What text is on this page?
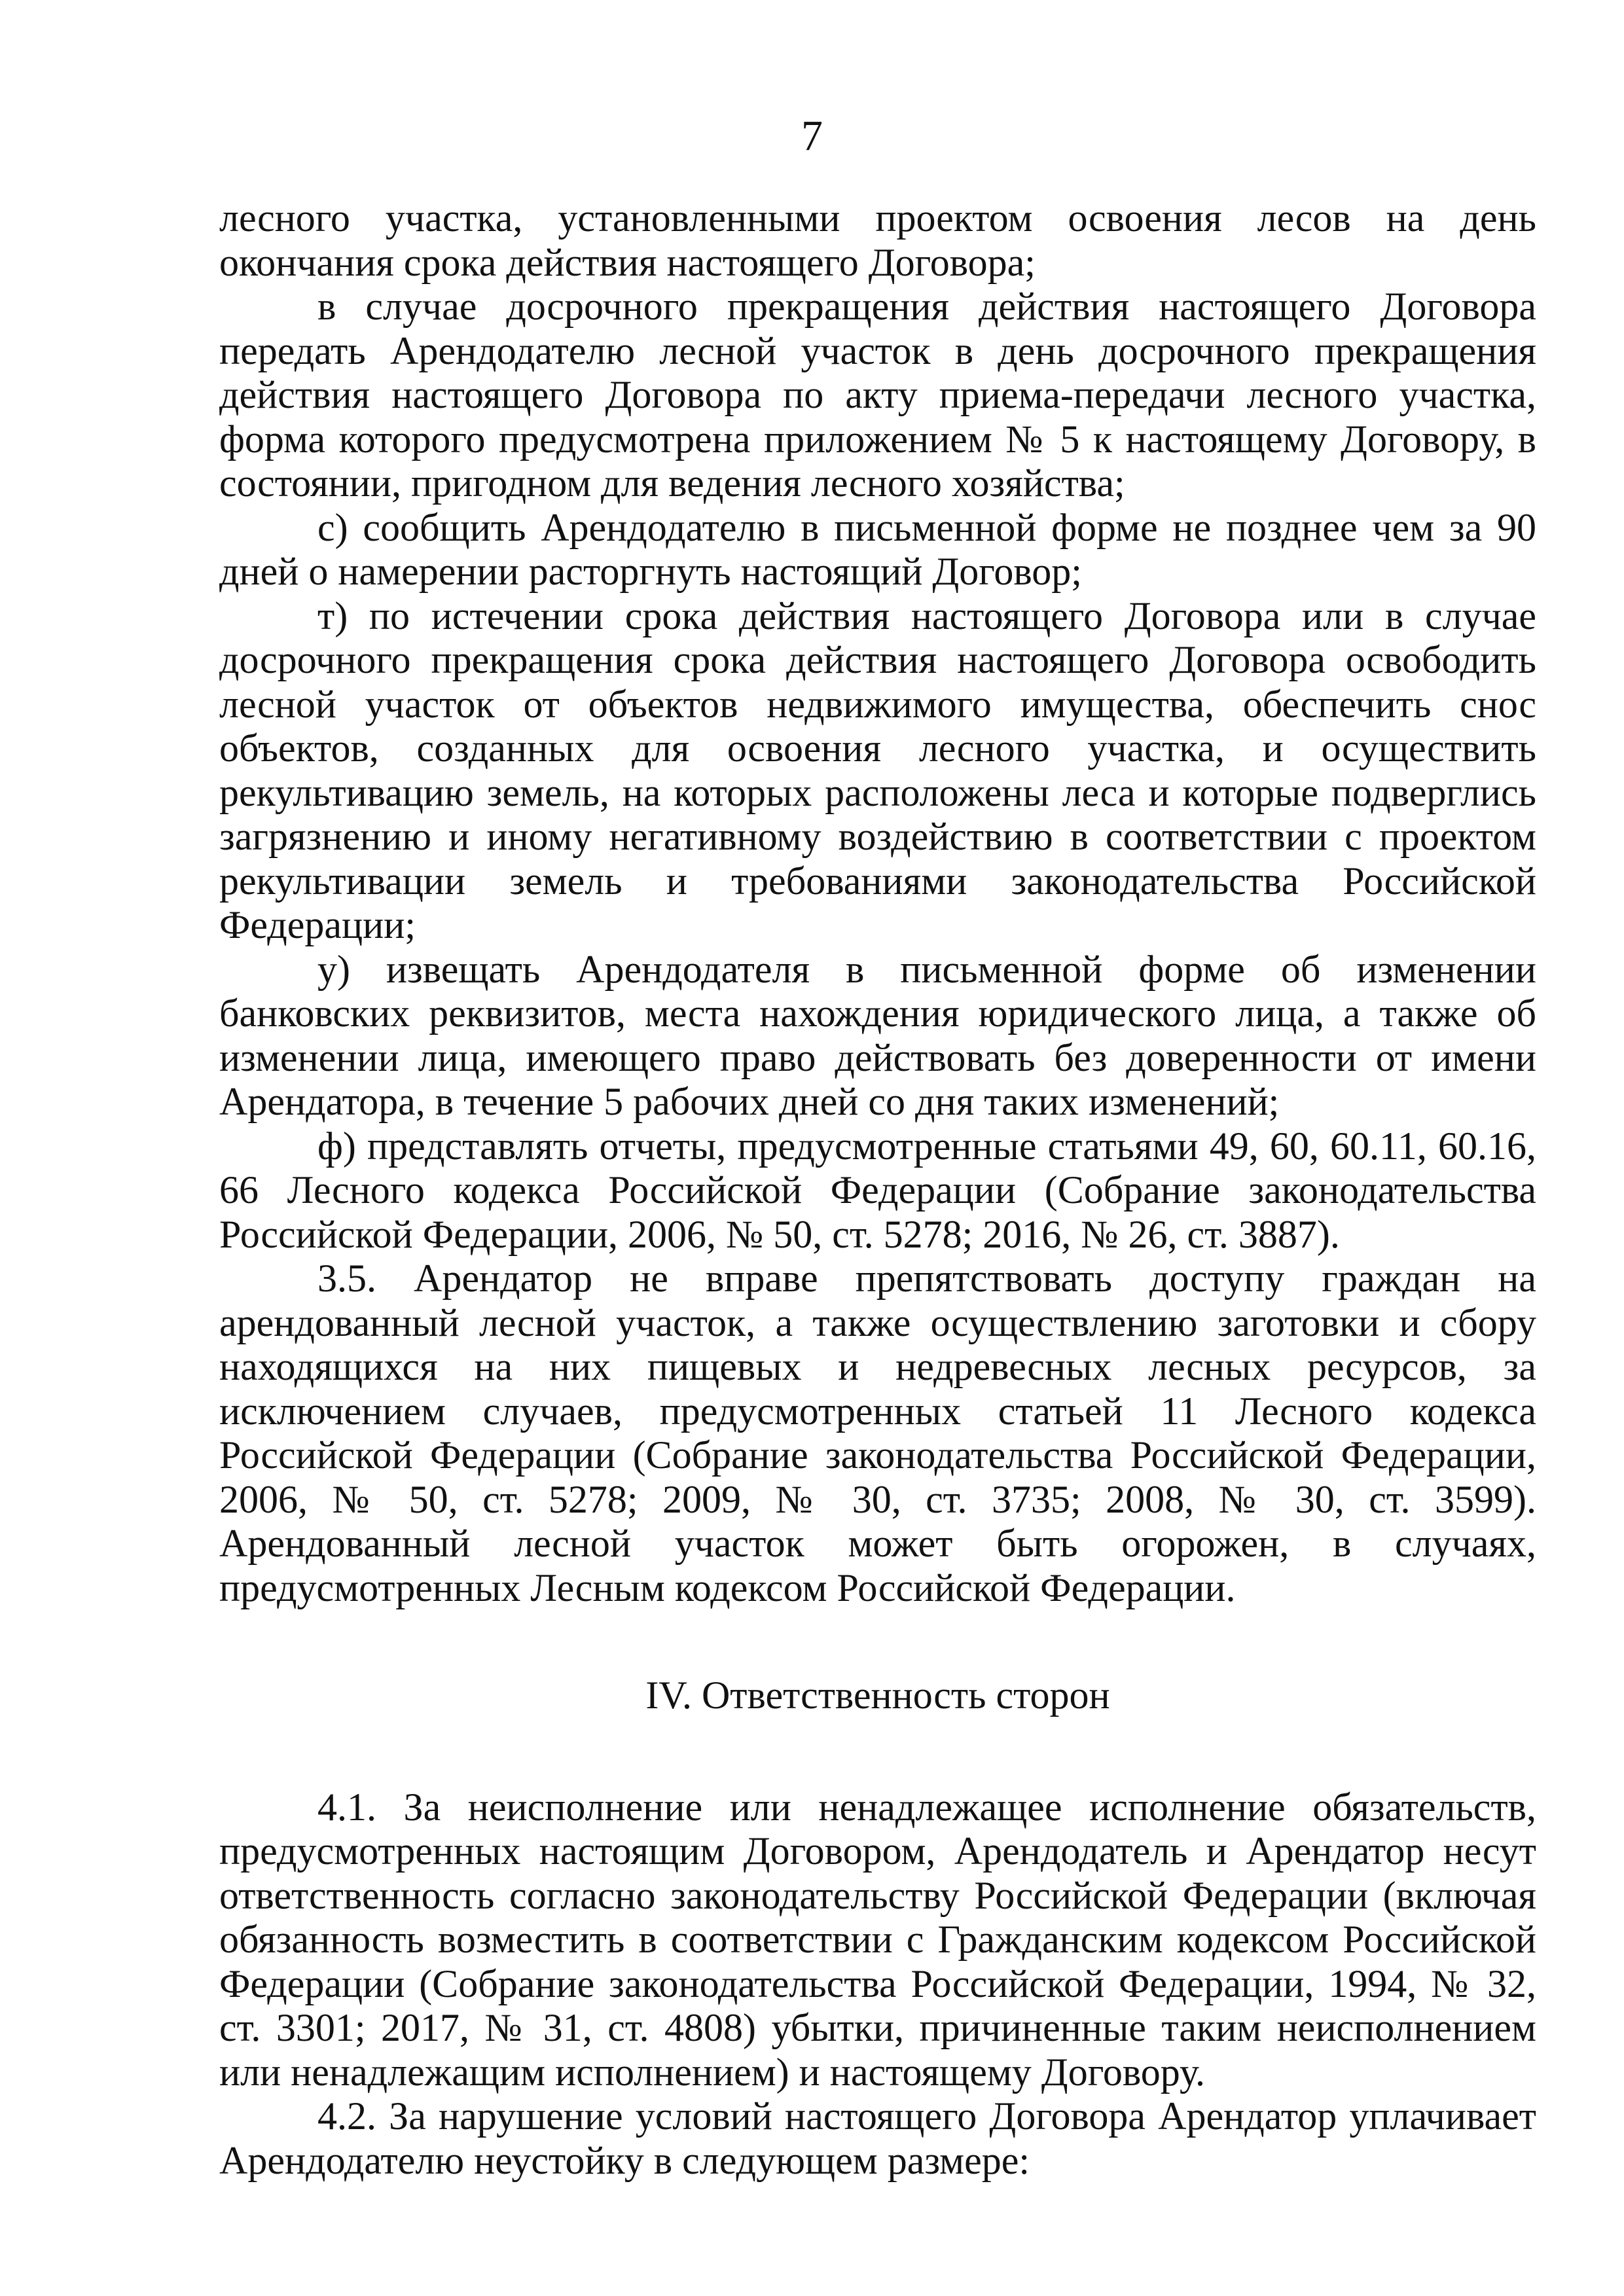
7

лесного участка, установленными проектом освоения лесов на день окончания срока действия настоящего Договора;

в случае досрочного прекращения действия настоящего Договора передать Арендодателю лесной участок в день досрочного прекращения действия настоящего Договора по акту приема-передачи лесного участка, форма которого предусмотрена приложением № 5 к настоящему Договору, в состоянии, пригодном для ведения лесного хозяйства;

с) сообщить Арендодателю в письменной форме не позднее чем за 90 дней о намерении расторгнуть настоящий Договор;

т) по истечении срока действия настоящего Договора или в случае досрочного прекращения срока действия настоящего Договора освободить лесной участок от объектов недвижимого имущества, обеспечить снос объектов, созданных для освоения лесного участка, и осуществить рекультивацию земель, на которых расположены леса и которые подверглись загрязнению и иному негативному воздействию в соответствии с проектом рекультивации земель и требованиями законодательства Российской Федерации;

у) извещать Арендодателя в письменной форме об изменении банковских реквизитов, места нахождения юридического лица, а также об изменении лица, имеющего право действовать без доверенности от имени Арендатора, в течение 5 рабочих дней со дня таких изменений;

ф) представлять отчеты, предусмотренные статьями 49, 60, 60.11, 60.16, 66 Лесного кодекса Российской Федерации (Собрание законодательства Российской Федерации, 2006, № 50, ст. 5278; 2016, № 26, ст. 3887).

3.5. Арендатор не вправе препятствовать доступу граждан на арендованный лесной участок, а также осуществлению заготовки и сбору находящихся на них пищевых и недревесных лесных ресурсов, за исключением случаев, предусмотренных статьей 11 Лесного кодекса Российской Федерации (Собрание законодательства Российской Федерации, 2006, № 50, ст. 5278; 2009, № 30, ст. 3735; 2008, № 30, ст. 3599). Арендованный лесной участок может быть огорожен, в случаях, предусмотренных Лесным кодексом Российской Федерации.

IV. Ответственность сторон

4.1. За неисполнение или ненадлежащее исполнение обязательств, предусмотренных настоящим Договором, Арендодатель и Арендатор несут ответственность согласно законодательству Российской Федерации (включая обязанность возместить в соответствии с Гражданским кодексом Российской Федерации (Собрание законодательства Российской Федерации, 1994, № 32, ст. 3301; 2017, № 31, ст. 4808) убытки, причиненные таким неисполнением или ненадлежащим исполнением) и настоящему Договору.

4.2. За нарушение условий настоящего Договора Арендатор уплачивает Арендодателю неустойку в следующем размере:
